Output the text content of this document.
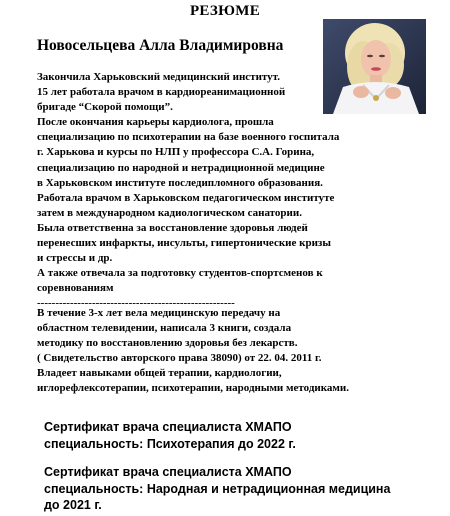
РЕЗЮМЕ
Новосельцева Алла Владимировна
Закончила Харьковский медицинский институт.
15 лет работала врачом в кардиореанимационной
бригаде “Скорой помощи”.
После окончания карьеры кардиолога, прошла
специализацию по психотерапии на базе военного госпитала
г. Харькова и курсы по НЛП у профессора С.А. Горина,
специализацию по народной и нетрадиционной медицине
в Харьковском институте последипломного образования.
Работала врачом в Харьковском педагогическом институте
затем в международном кадиологическом санатории.
Была ответственна за восстановление здоровья людей
перенесших инфаркты, инсульты, гипертонические кризы
и стрессы и др.
А также отвечала за подготовку студентов-спортсменов к
соревнованиям
------------------------------------------------------
В течение 3-х лет вела медицинскую передачу на
областном телевидении, написала 3 книги, создала
методику по восстановлению здоровья без лекарств.
( Свидетельство авторского права 38090) от 22. 04. 2011 г.
Владеет навыками общей терапии, кардиологии,
иглорефлексотерапии, психотерапии, народными методиками.
Сертификат врача специалиста ХМАПО
специальность: Психотерапия до 2022 г.
Сертификат врача специалиста ХМАПО
специальность: Народная и нетрадиционная медицина
до 2021 г.
